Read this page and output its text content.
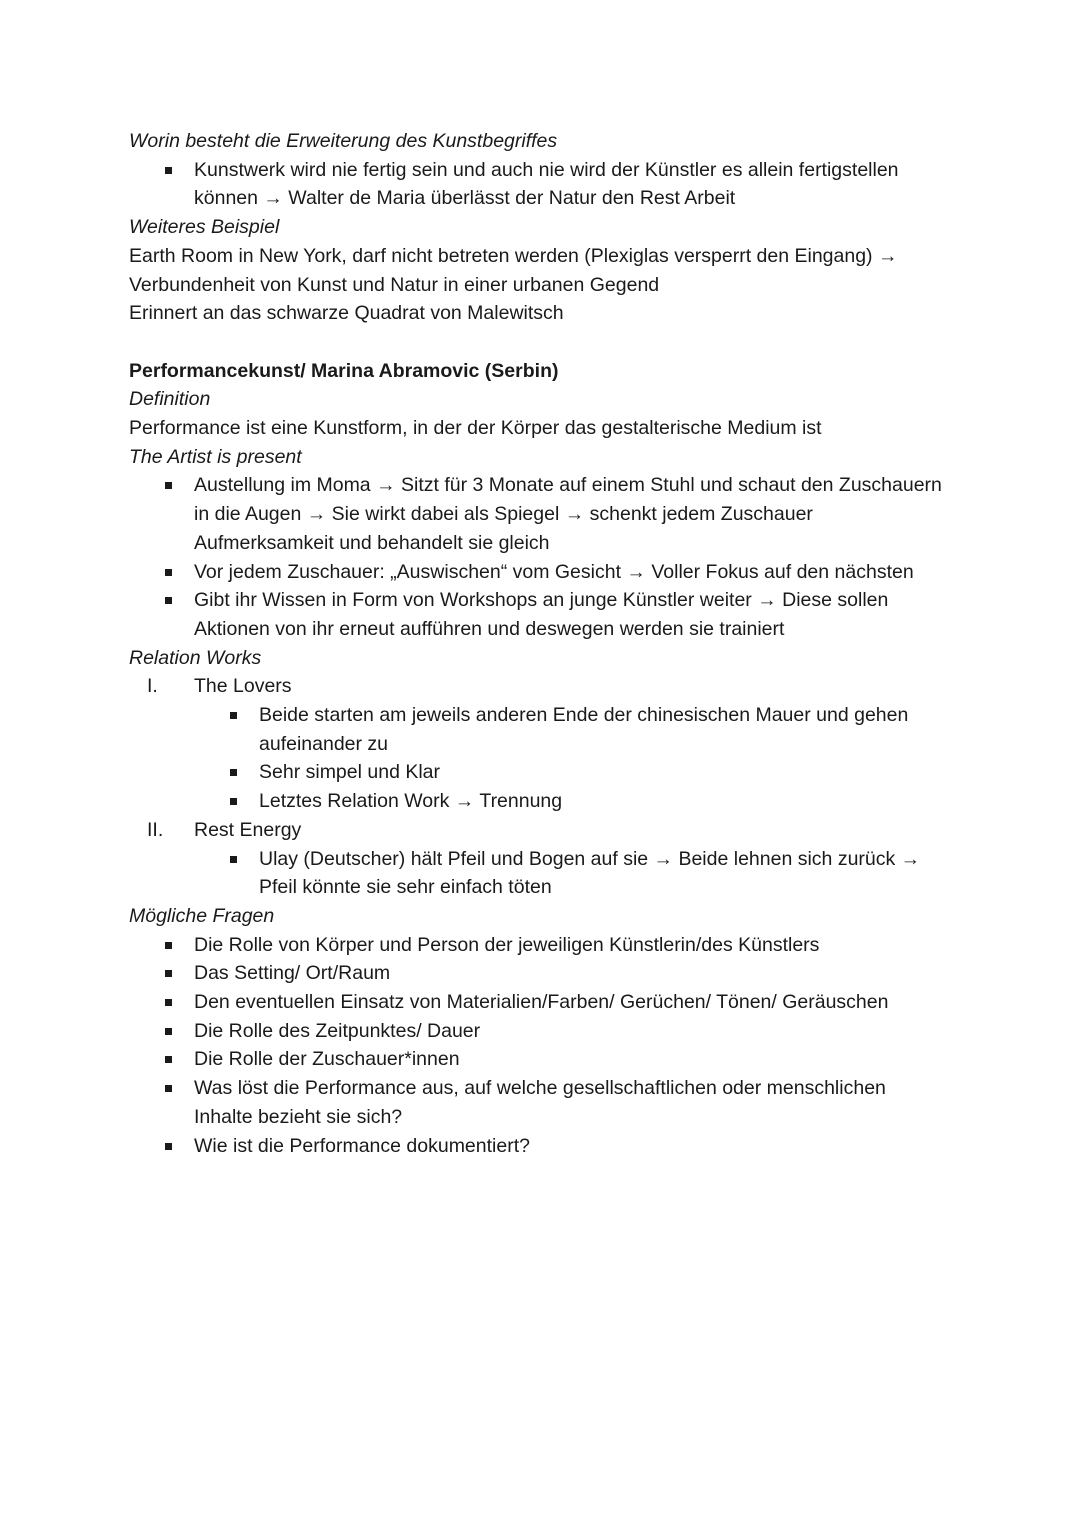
Worin besteht die Erweiterung des Kunstbegriffes
Kunstwerk wird nie fertig sein und auch nie wird der Künstler es allein fertigstellen können → Walter de Maria überlässt der Natur den Rest Arbeit
Weiteres Beispiel
Earth Room in New York, darf nicht betreten werden (Plexiglas versperrt den Eingang) →
Verbundenheit von Kunst und Natur in einer urbanen Gegend
Erinnert an das schwarze Quadrat von Malewitsch
Performancekunst/ Marina Abramovic (Serbin)
Definition
Performance ist eine Kunstform, in der der Körper das gestalterische Medium ist
The Artist is present
Austellung im Moma → Sitzt für 3 Monate auf einem Stuhl und schaut den Zuschauern in die Augen → Sie wirkt dabei als Spiegel → schenkt jedem Zuschauer Aufmerksamkeit und behandelt sie gleich
Vor jedem Zuschauer: „Auswischen“ vom Gesicht → Voller Fokus auf den nächsten
Gibt ihr Wissen in Form von Workshops an junge Künstler weiter → Diese sollen Aktionen von ihr erneut aufführen und deswegen werden sie trainiert
Relation Works
I. The Lovers
Beide starten am jeweils anderen Ende der chinesischen Mauer und gehen aufeinander zu
Sehr simpel und Klar
Letztes Relation Work → Trennung
II. Rest Energy
Ulay (Deutscher) hält Pfeil und Bogen auf sie → Beide lehnen sich zurück → Pfeil könnte sie sehr einfach töten
Mögliche Fragen
Die Rolle von Körper und Person der jeweiligen Künstlerin/des Künstlers
Das Setting/ Ort/Raum
Den eventuellen Einsatz von Materialien/Farben/ Gerüchen/ Tönen/ Geräuschen
Die Rolle des Zeitpunktes/ Dauer
Die Rolle der Zuschauer*innen
Was löst die Performance aus, auf welche gesellschaftlichen oder menschlichen Inhalte bezieht sie sich?
Wie ist die Performance dokumentiert?
